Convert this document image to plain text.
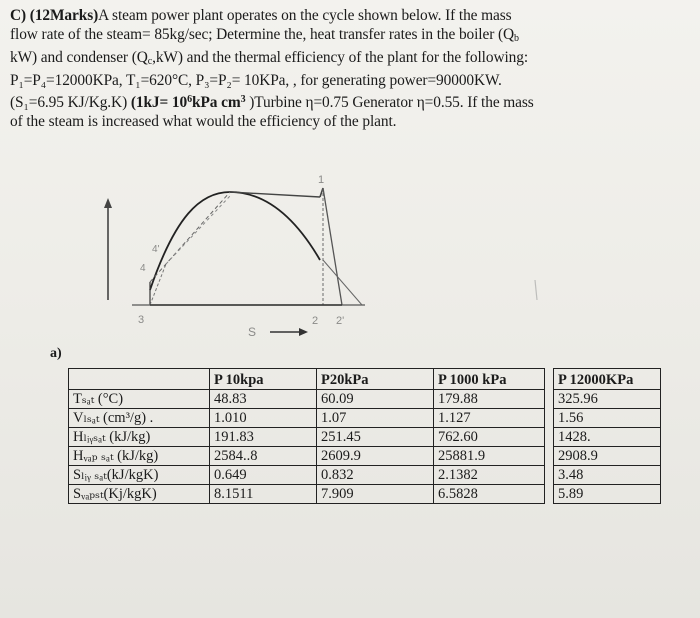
C) (12Marks)A steam power plant operates on the cycle shown below. If the mass
flow rate of the steam= 85kg/sec; Determine the, heat transfer rates in the boiler ($Q_b$
kW) and condenser $(Q_c,kW)$ and the thermal efficiency of the plant for the following:
P₁=P₄=12000KPa, T₁=620°C, P₃=P₂= 10KPa, , for generating power=90000KW.
(S₁=6.95 KJ/Kg.K) ($1kJ= 10^6kPa$ $cm^3$ )Turbine η=0.75 Generator η=0.55. If the mass
of the steam is increased what would the efficiency of the plant.
1
4'
4
3	2 2'
S
a)
	P 10kpa	P20kPa	P 1000 kPa		P 12000KPa
Tₛₐₜ (°C)	48.83	60.09	179.88		325.96
Vₗₛₐₜ (cm³/g) .	1.010	1.07	1.127		1.56
Hₗᵢᵧₛₐₜ (kJ/kg)	191.83	251.45	762.60		1428.
Hᵥₐₚ ₛₐₜ (kJ/kg)	2584..8	2609.9	25881.9		2908.9
Sₗᵢᵧ ₛₐₜ(kJ/kgK)	0.649	0.832	2.1382		3.48
Sᵥₐₚₛₜ(Kj/kgK)	8.1511	7.909	6.5828		5.89
